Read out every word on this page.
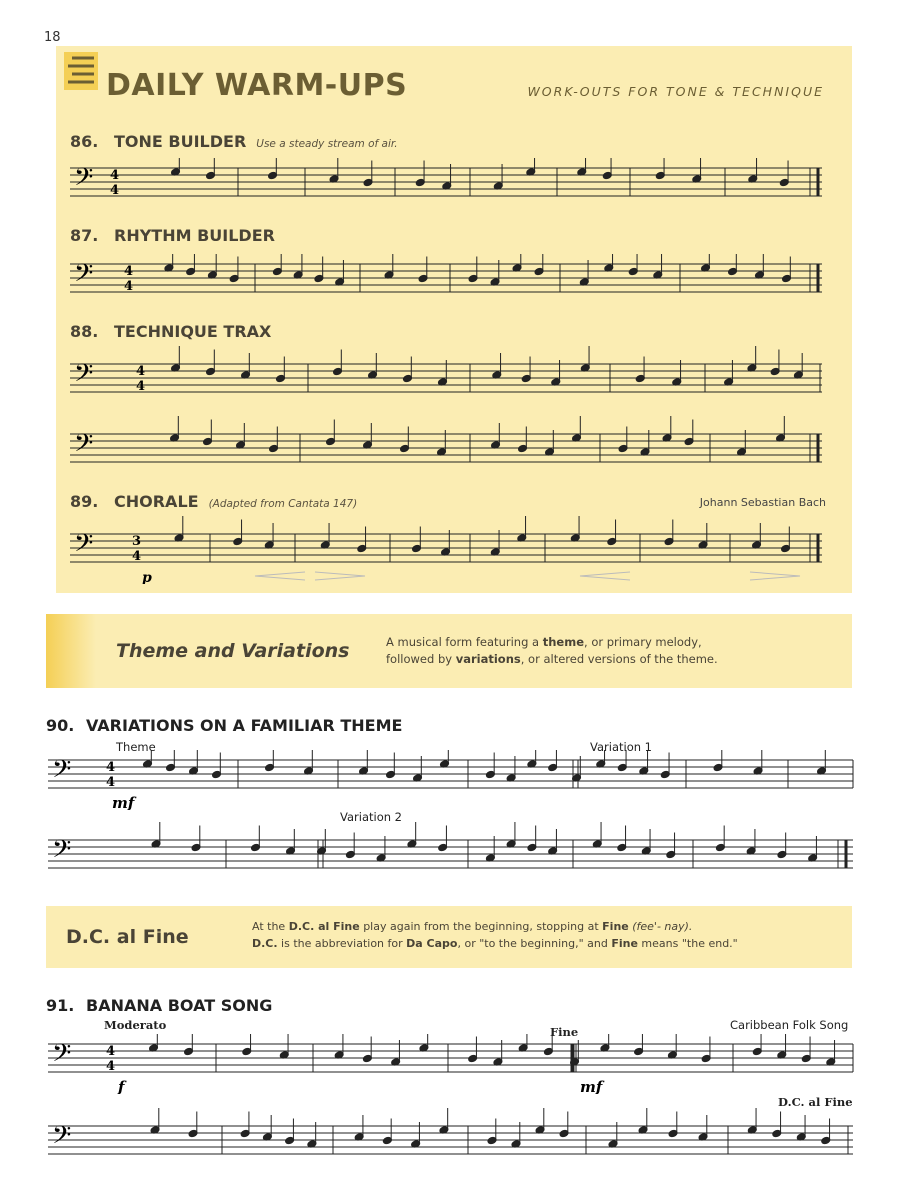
18
DAILY WARM-UPS	WORK-OUTS FOR TONE & TECHNIQUE
86. TONE BUILDER Use a steady stream of air.
87. RHYTHM BUILDER
88. TECHNIQUE TRAX
89. CHORALE (Adapted from Cantata 147)	Johann Sebastian Bach
𝄢 4
4
𝄢 4
4
𝄢	4
4
𝄢
𝄢	3
4
p
Theme and Variations	A musical form featuring a theme, or primary melody,
followed by variations, or altered versions of the theme.
90. VARIATIONS ON A FAMILIAR THEME
Theme	Variation 1
Variation 2
𝄢	4
4
mf
𝄢
D.C. al Fine	At the D.C. al Fine play again from the beginning, stopping at Fine (fee'- nay).
D.C. is the abbreviation for Da Capo, or "to the beginning," and Fine means "the end."
91. BANANA BOAT SONG
Moderato	Fine	Caribbean Folk Song
D.C. al Fine
𝄢	4
4
f	mf
𝄢
